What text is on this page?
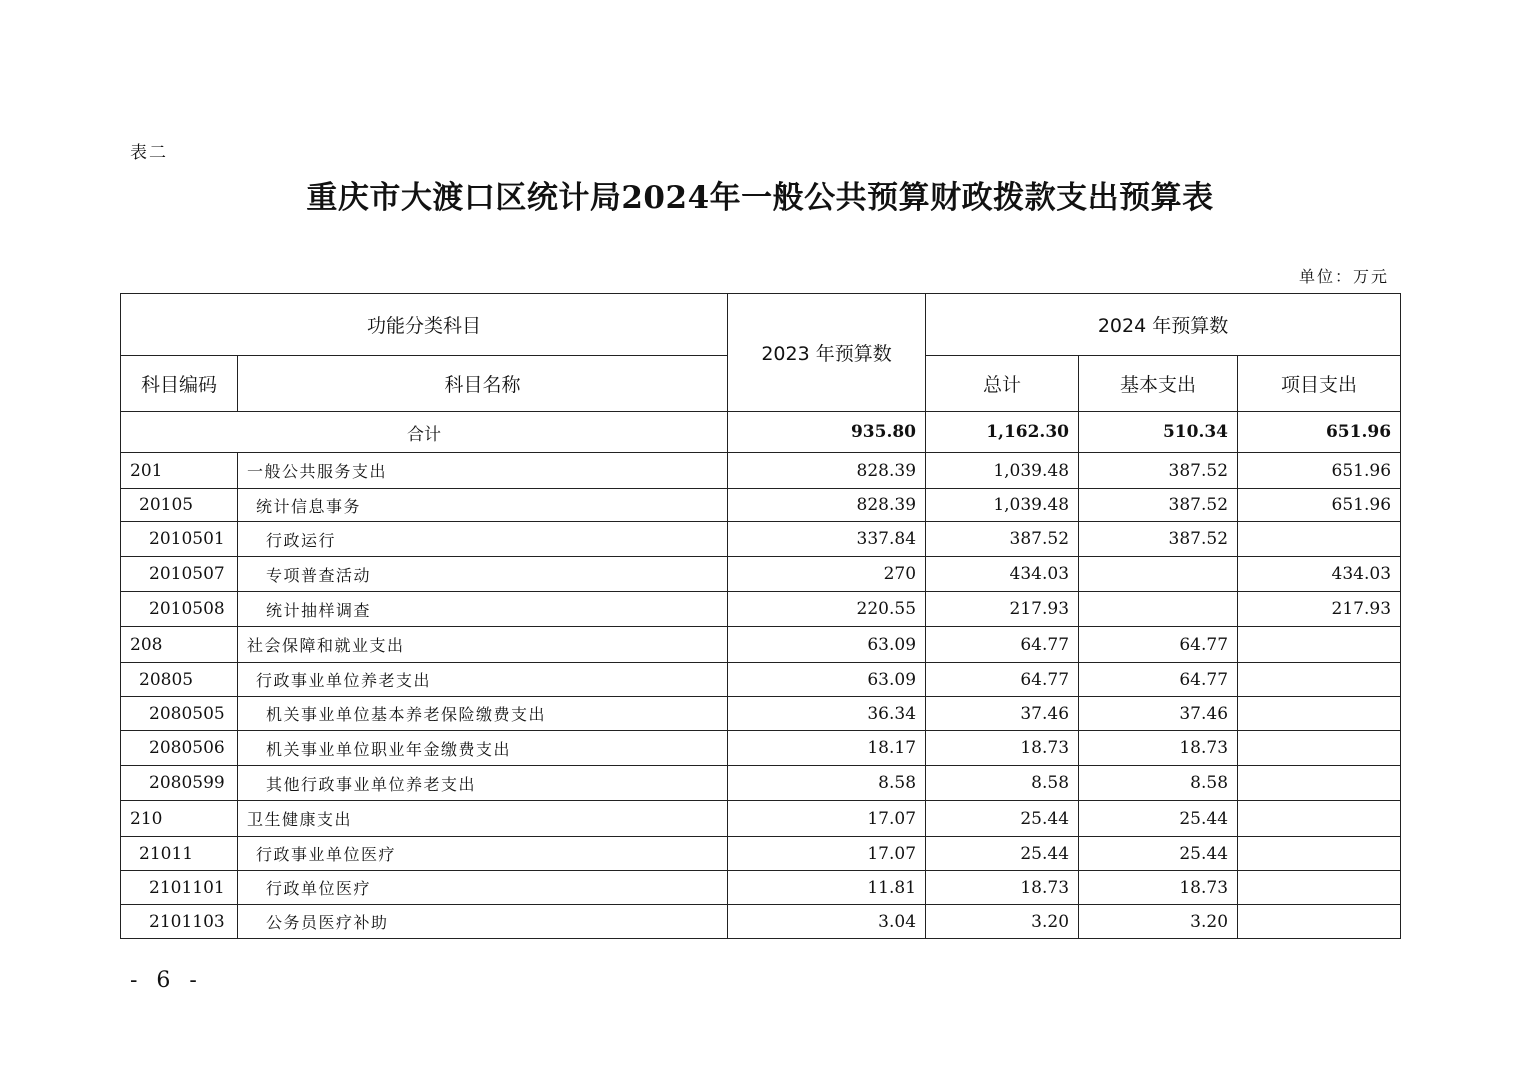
表二
重庆市大渡口区统计局2024年一般公共预算财政拨款支出预算表
单位：万元
功能分类科目		2023 年预算数	2024 年预算数		
科目编码	科目名称		总计	基本支出	项目支出
合计		935.80	1,162.30	510.34	651.96
201	一般公共服务支出	828.39	1,039.48	387.52	651.96
20105	统计信息事务	828.39	1,039.48	387.52	651.96
2010501	行政运行	337.84	387.52	387.52	
2010507	专项普查活动	270	434.03		434.03
2010508	统计抽样调查	220.55	217.93		217.93
208	社会保障和就业支出	63.09	64.77	64.77	
20805	行政事业单位养老支出	63.09	64.77	64.77	
2080505	机关事业单位基本养老保险缴费支出	36.34	37.46	37.46	
2080506	机关事业单位职业年金缴费支出	18.17	18.73	18.73	
2080599	其他行政事业单位养老支出	8.58	8.58	8.58	
210	卫生健康支出	17.07	25.44	25.44	
21011	行政事业单位医疗	17.07	25.44	25.44	
2101101	行政单位医疗	11.81	18.73	18.73	
2101103	公务员医疗补助	3.04	3.20	3.20	
- 6 -
